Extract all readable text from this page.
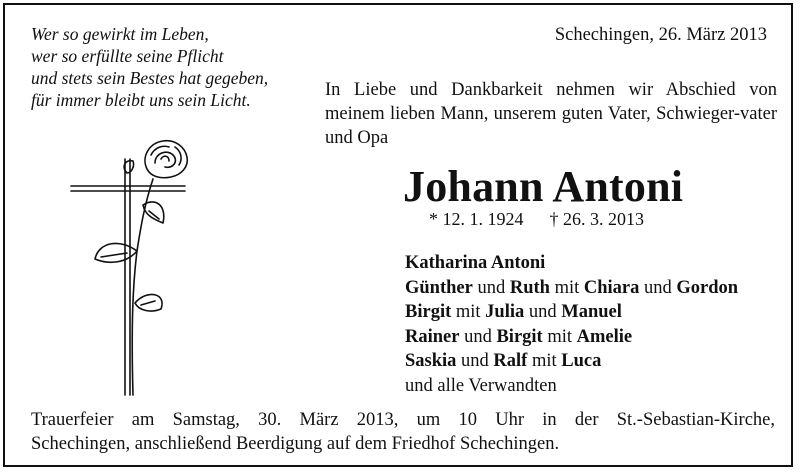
Wer so gewirkt im Leben,
wer so erfüllte seine Pflicht
und stets sein Bestes hat gegeben,
für immer bleibt uns sein Licht.
Schechingen, 26. März 2013
In Liebe und Dankbarkeit nehmen wir Abschied von meinem lieben Mann, unserem guten Vater, Schwieger-vater und Opa
Johann Antoni
* 12. 1. 1924 † 26. 3. 2013
Katharina Antoni
Günther und Ruth mit Chiara und Gordon
Birgit mit Julia und Manuel
Rainer und Birgit mit Amelie
Saskia und Ralf mit Luca
und alle Verwandten
Trauerfeier am Samstag, 30. März 2013, um 10 Uhr in der St.-Sebastian-Kirche,
Schechingen, anschließend Beerdigung auf dem Friedhof Schechingen.
